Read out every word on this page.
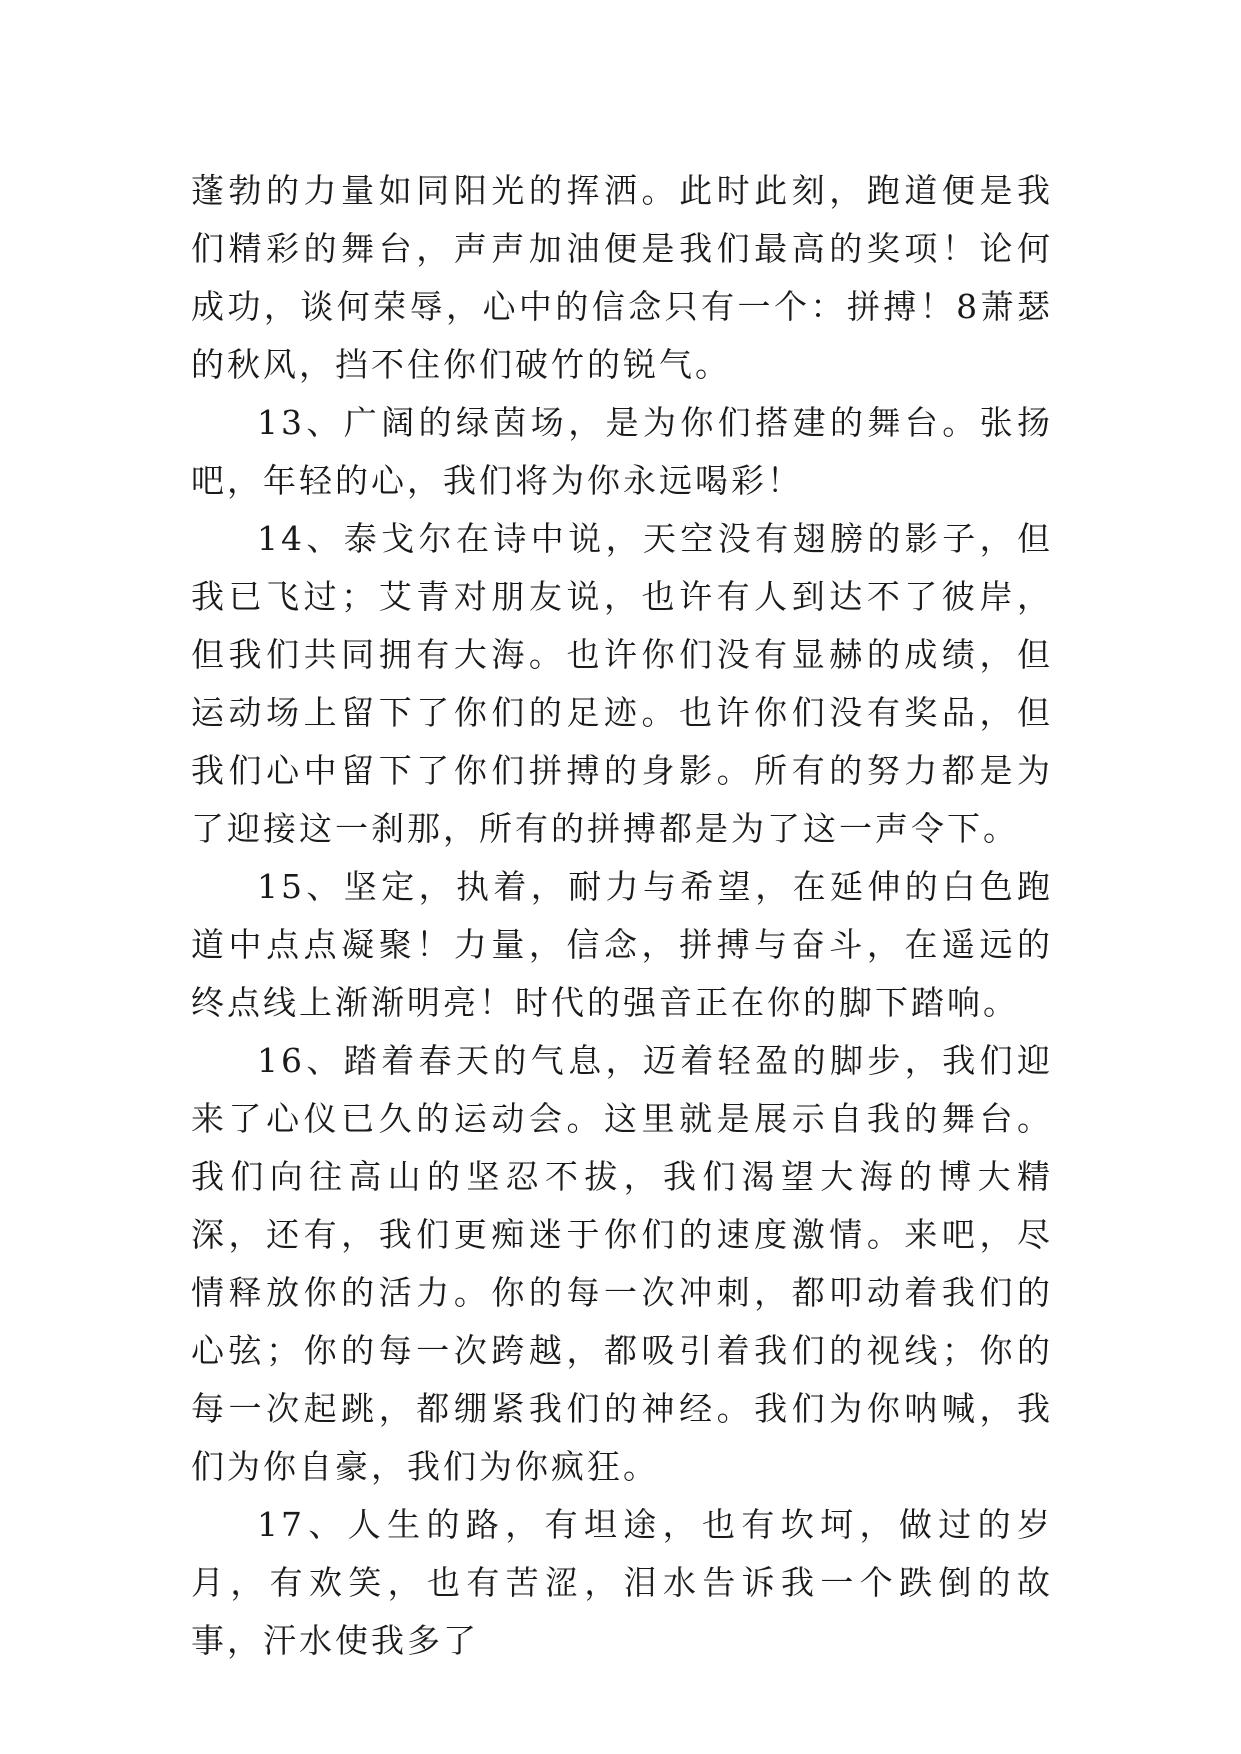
蓬勃的力量如同阳光的挥洒。此时此刻，跑道便是我们精彩的舞台，声声加油便是我们最高的奖项！论何成功，谈何荣辱，心中的信念只有一个：拼搏！8萧瑟的秋风，挡不住你们破竹的锐气。

13、广阔的绿茵场，是为你们搭建的舞台。张扬吧，年轻的心，我们将为你永远喝彩！

14、泰戈尔在诗中说，天空没有翅膀的影子，但我已飞过；艾青对朋友说，也许有人到达不了彼岸，但我们共同拥有大海。也许你们没有显赫的成绩，但运动场上留下了你们的足迹。也许你们没有奖品，但我们心中留下了你们拼搏的身影。所有的努力都是为了迎接这一刹那，所有的拼搏都是为了这一声令下。

15、坚定，执着，耐力与希望，在延伸的白色跑道中点点凝聚！力量，信念，拼搏与奋斗，在遥远的终点线上渐渐明亮！时代的强音正在你的脚下踏响。

16、踏着春天的气息，迈着轻盈的脚步，我们迎来了心仪已久的运动会。这里就是展示自我的舞台。我们向往高山的坚忍不拔，我们渴望大海的博大精深，还有，我们更痴迷于你们的速度激情。来吧，尽情释放你的活力。你的每一次冲刺，都叩动着我们的心弦；你的每一次跨越，都吸引着我们的视线；你的每一次起跳，都绷紧我们的神经。我们为你呐喊，我们为你自豪，我们为你疯狂。

17、人生的路，有坦途，也有坎坷，做过的岁月，有欢笑，也有苦涩，泪水告诉我一个跌倒的故事，汗水使我多了
